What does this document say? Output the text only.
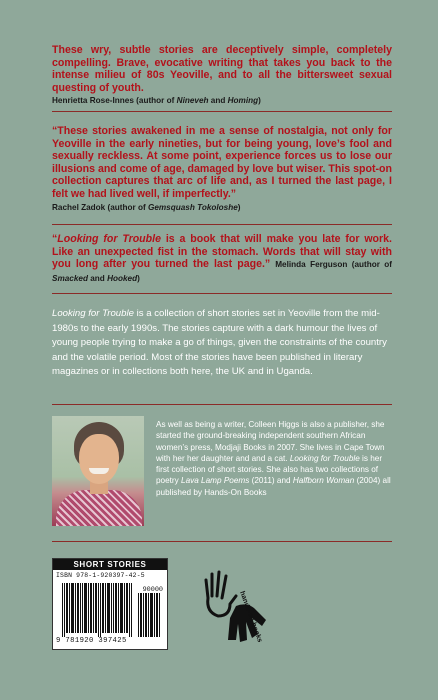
These wry, subtle stories are deceptively simple, completely compelling. Brave, evocative writing that takes you back to the intense milieu of 80s Yeoville, and to all the bittersweet sexual questing of youth.

Henrietta Rose-Innes (author of Nineveh and Homing)

“These stories awakened in me a sense of nostalgia, not only for Yeoville in the early nineties, but for being young, love’s fool and sexually reckless. At some point, experience forces us to lose our illusions and come of age, damaged by love but wiser. This spot-on collection captures that arc of life and, as I turned the last page, I felt we had lived well, if imperfectly.”

Rachel Zadok (author of Gemsquash Tokoloshe)

“Looking for Trouble is a book that will make you late for work. Like an unexpected fist in the stomach. Words that will stay with you long after you turned the last page.” Melinda Ferguson (author of Smacked and Hooked)

Looking for Trouble is a collection of short stories set in Yeoville from the mid-1980s to the early 1990s. The stories capture with a dark humour the lives of young people trying to make a go of things, given the constraints of the country and the volatile period. Most of the stories have been published in literary magazines or in collections both here, the UK and in Uganda.

As well as being a writer, Colleen Higgs is also a publisher, she started the ground-breaking independent southern African women’s press, Modjaji Books in 2007. She lives in Cape Town with her her daughter and and a cat. Looking for Trouble is her first collection of short stories. She also has two collections of poetry Lava Lamp Poems (2011) and Halfborn Woman (2004) all published by Hands-On Books

SHORT STORIES
ISBN 978-1-920397-42-5
90000
9 781920 397425	hands-on books
